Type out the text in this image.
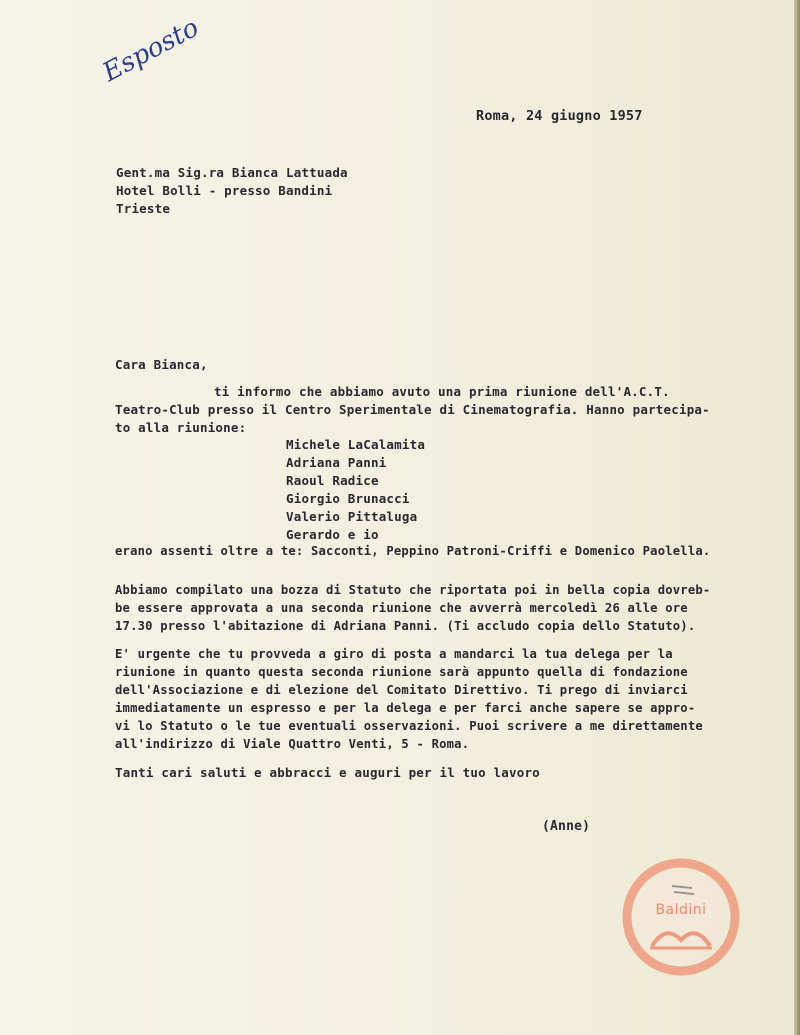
Esposto
Roma, 24 giugno 1957
Gent.ma Sig.ra Bianca Lattuada
Hotel Bolli - presso Bandini
Trieste
Cara Bianca,
ti informo che abbiamo avuto una prima riunione dell'A.C.T.
Teatro-Club presso il Centro Sperimentale di Cinematografia. Hanno partecipa-
to alla riunione:
Michele LaCalamita
Adriana Panni
Raoul Radice
Giorgio Brunacci
Valerio Pittaluga
Gerardo e io
erano assenti oltre a te: Sacconti, Peppino Patroni-Criffi e Domenico Paolella.
Abbiamo compilato una bozza di Statuto che riportata poi in bella copia dovreb-
be essere approvata a una seconda riunione che avverrà mercoledì 26 alle ore
17.30 presso l'abitazione di Adriana Panni. (Ti accludo copia dello Statuto).
E' urgente che tu provveda a giro di posta a mandarci la tua delega per la
riunione in quanto questa seconda riunione sarà appunto quella di fondazione
dell'Associazione e di elezione del Comitato Direttivo. Ti prego di inviarci
immediatamente un espresso e per la delega e per farci anche sapere se appro-
vi lo Statuto o le tue eventuali osservazioni. Puoi scrivere a me direttamente
all'indirizzo di Viale Quattro Venti, 5 - Roma.
Tanti cari saluti e abbracci e auguri per il tuo lavoro
(Anne)
Baldini
